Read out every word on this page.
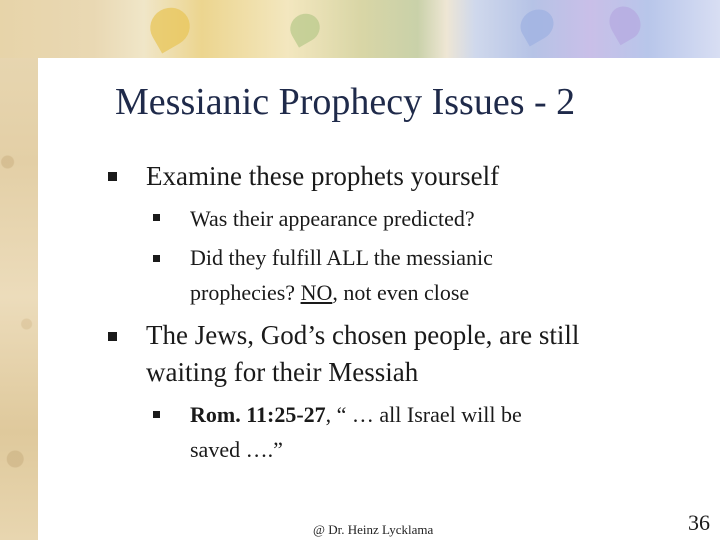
Messianic Prophecy Issues - 2
Examine these prophets yourself
Was their appearance predicted?
Did they fulfill ALL the messianic
prophecies? NO, not even close
The Jews, God’s chosen people, are still
waiting for their Messiah
Rom. 11:25-27, “ … all Israel will be
saved ….”
@ Dr. Heinz Lycklama	36
